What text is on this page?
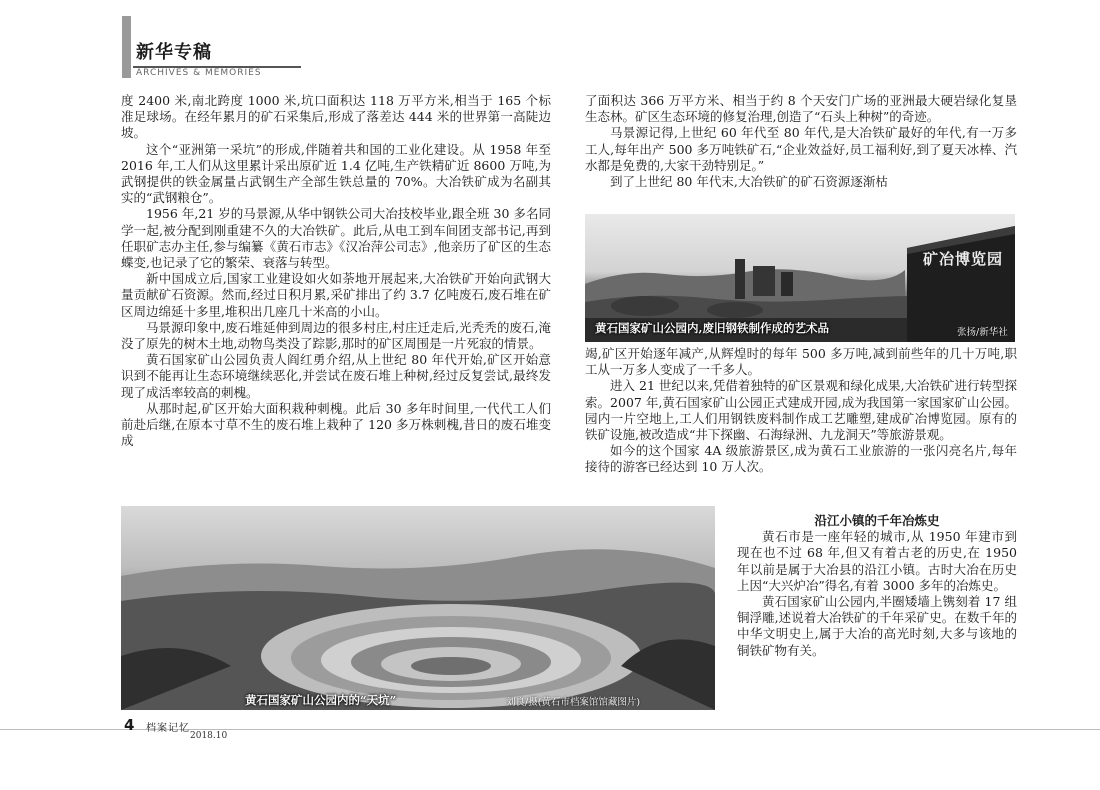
新华专稿
ARCHIVES & MEMORIES

度 2400 米,南北跨度 1000 米,坑口面积达 118 万平方米,相当于 165 个标准足球场。在经年累月的矿石采集后,形成了落差达 444 米的世界第一高陡边坡。

这个“亚洲第一采坑”的形成,伴随着共和国的工业化建设。从 1958 年至 2016 年,工人们从这里累计采出原矿近 1.4 亿吨,生产铁精矿近 8600 万吨,为武钢提供的铁金属量占武钢生产全部生铁总量的 70%。大冶铁矿成为名副其实的“武钢粮仓”。

1956 年,21 岁的马景源,从华中钢铁公司大冶技校毕业,跟全班 30 多名同学一起,被分配到刚重建不久的大冶铁矿。此后,从电工到车间团支部书记,再到任职矿志办主任,参与编纂《黄石市志》《汉冶萍公司志》,他亲历了矿区的生态蝶变,也记录了它的繁荣、衰落与转型。

新中国成立后,国家工业建设如火如荼地开展起来,大冶铁矿开始向武钢大量贡献矿石资源。然而,经过日积月累,采矿排出了约 3.7 亿吨废石,废石堆在矿区周边绵延十多里,堆积出几座几十米高的小山。

马景源印象中,废石堆延伸到周边的很多村庄,村庄迁走后,光秃秃的废石,淹没了原先的树木土地,动物鸟类没了踪影,那时的矿区周围是一片死寂的情景。

黄石国家矿山公园负责人阎红勇介绍,从上世纪 80 年代开始,矿区开始意识到不能再让生态环境继续恶化,并尝试在废石堆上种树,经过反复尝试,最终发现了成活率较高的刺槐。

从那时起,矿区开始大面积栽种刺槐。此后 30 多年时间里,一代代工人们前赴后继,在原本寸草不生的废石堆上栽种了 120 多万株刺槐,昔日的废石堆变成

了面积达 366 万平方米、相当于约 8 个天安门广场的亚洲最大硬岩绿化复垦生态林。矿区生态环境的修复治理,创造了“石头上种树”的奇迹。

马景源记得,上世纪 60 年代至 80 年代,是大冶铁矿最好的年代,有一万多工人,每年出产 500 多万吨铁矿石,“企业效益好,员工福利好,到了夏天冰棒、汽水都是免费的,大家干劲特别足。”

到了上世纪 80 年代末,大冶铁矿的矿石资源逐渐枯

矿冶博览园
黄石国家矿山公园内,废旧钢铁制作成的艺术品	张扬/新华社

竭,矿区开始逐年减产,从辉煌时的每年 500 多万吨,减到前些年的几十万吨,职工从一万多人变成了一千多人。

进入 21 世纪以来,凭借着独特的矿区景观和绿化成果,大冶铁矿进行转型探索。2007 年,黄石国家矿山公园正式建成开园,成为我国第一家国家矿山公园。园内一片空地上,工人们用钢铁废料制作成工艺雕塑,建成矿冶博览园。原有的铁矿设施,被改造成“井下探幽、石海绿洲、九龙洞天”等旅游景观。

如今的这个国家 4A 级旅游景区,成为黄石工业旅游的一张闪亮名片,每年接待的游客已经达到 10 万人次。

黄石国家矿山公园内的“天坑”	刘良/摄(黄石市档案馆馆藏图片)

沿江小镇的千年冶炼史

黄石市是一座年轻的城市,从 1950 年建市到现在也不过 68 年,但又有着古老的历史,在 1950 年以前是属于大冶县的沿江小镇。古时大冶在历史上因“大兴炉冶”得名,有着 3000 多年的冶炼史。

黄石国家矿山公园内,半圈矮墙上镌刻着 17 组铜浮雕,述说着大冶铁矿的千年采矿史。在数千年的中华文明史上,属于大冶的高光时刻,大多与该地的铜铁矿物有关。

4 档案记忆
2018.10
